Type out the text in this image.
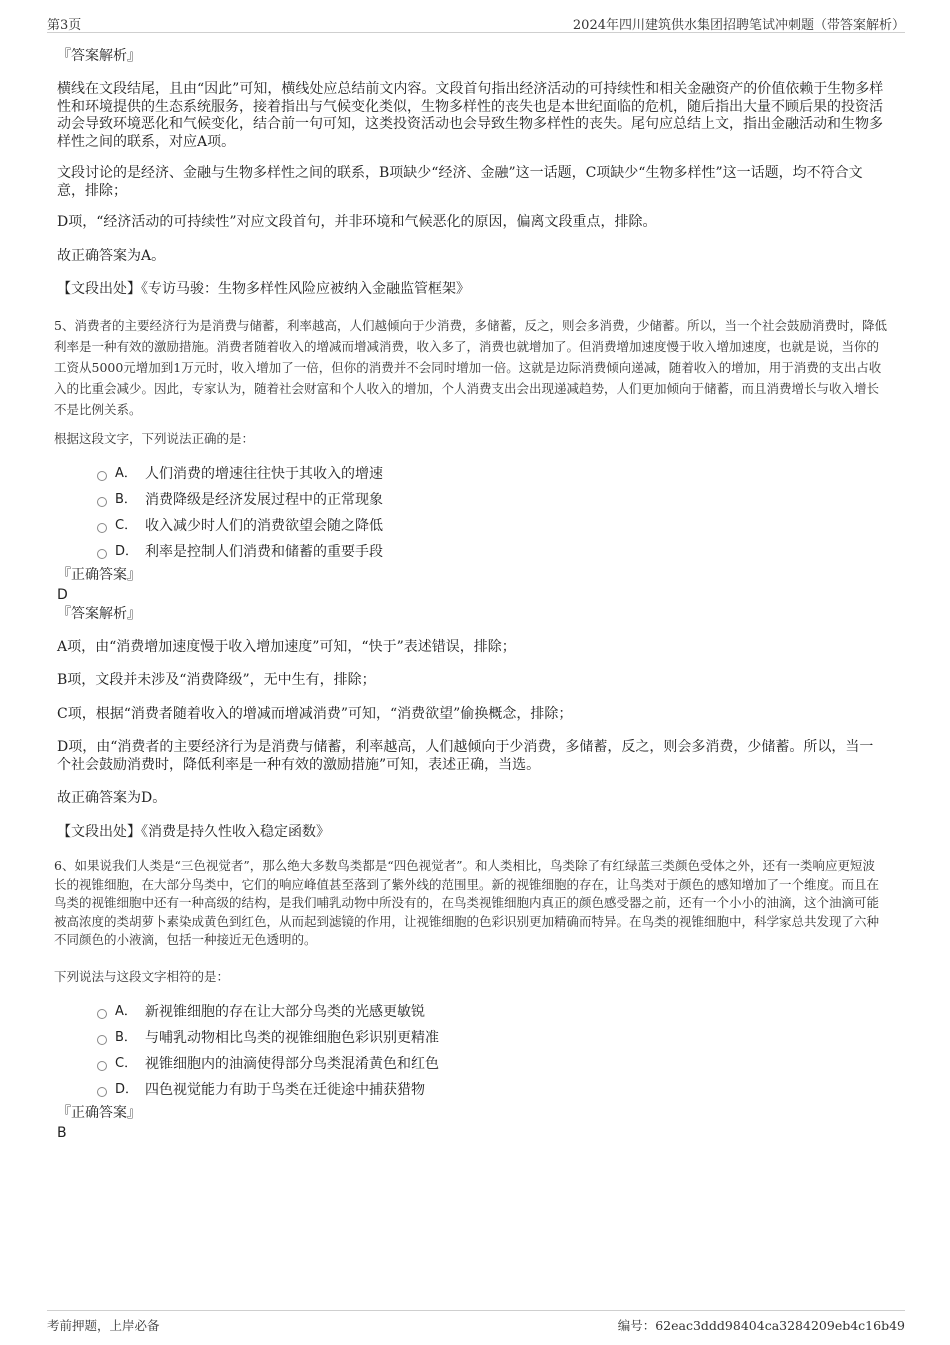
第3页	2024年四川建筑供水集团招聘笔试冲刺题（带答案解析）
『答案解析』

横线在文段结尾，且由“因此”可知，横线处应总结前文内容。文段首句指出经济活动的可持续性和相关金融资产的价值依赖于生物多样性和环境提供的生态系统服务，接着指出与气候变化类似，生物多样性的丧失也是本世纪面临的危机，随后指出大量不顾后果的投资活动会导致环境恶化和气候变化，结合前一句可知，这类投资活动也会导致生物多样性的丧失。尾句应总结上文，指出金融活动和生物多样性之间的联系，对应A项。

文段讨论的是经济、金融与生物多样性之间的联系，B项缺少“经济、金融”这一话题，C项缺少“生物多样性”这一话题，均不符合文意，排除；

D项，“经济活动的可持续性”对应文段首句，并非环境和气候恶化的原因，偏离文段重点，排除。

故正确答案为A。

【文段出处】《专访马骏：生物多样性风险应被纳入金融监管框架》

5、消费者的主要经济行为是消费与储蓄，利率越高，人们越倾向于少消费，多储蓄，反之，则会多消费，少储蓄。所以，当一个社会鼓励消费时，降低利率是一种有效的激励措施。消费者随着收入的增减而增减消费，收入多了，消费也就增加了。但消费增加速度慢于收入增加速度，也就是说，当你的工资从5000元增加到1万元时，收入增加了一倍，但你的消费并不会同时增加一倍。这就是边际消费倾向递减，随着收入的增加，用于消费的支出占收入的比重会减少。因此，专家认为，随着社会财富和个人收入的增加，个人消费支出会出现递减趋势，人们更加倾向于储蓄，而且消费增长与收入增长不是比例关系。

根据这段文字，下列说法正确的是：

A． 人们消费的增速往往快于其收入的增速
B． 消费降级是经济发展过程中的正常现象
C． 收入减少时人们的消费欲望会随之降低
D． 利率是控制人们消费和储蓄的重要手段
『正确答案』
D
『答案解析』

A项，由“消费增加速度慢于收入增加速度”可知，“快于”表述错误，排除；

B项，文段并未涉及“消费降级”，无中生有，排除；

C项，根据“消费者随着收入的增减而增减消费”可知，“消费欲望”偷换概念，排除；

D项，由“消费者的主要经济行为是消费与储蓄，利率越高，人们越倾向于少消费，多储蓄，反之，则会多消费，少储蓄。所以，当一个社会鼓励消费时，降低利率是一种有效的激励措施”可知，表述正确，当选。

故正确答案为D。

【文段出处】《消费是持久性收入稳定函数》

6、如果说我们人类是“三色视觉者”，那么绝大多数鸟类都是“四色视觉者”。和人类相比，鸟类除了有红绿蓝三类颜色受体之外，还有一类响应更短波长的视锥细胞，在大部分鸟类中，它们的响应峰值甚至落到了紫外线的范围里。新的视锥细胞的存在，让鸟类对于颜色的感知增加了一个维度。而且在鸟类的视锥细胞中还有一种高级的结构，是我们哺乳动物中所没有的，在鸟类视锥细胞内真正的颜色感受器之前，还有一个小小的油滴，这个油滴可能被高浓度的类胡萝卜素染成黄色到红色，从而起到滤镜的作用，让视锥细胞的色彩识别更加精确而特异。在鸟类的视锥细胞中，科学家总共发现了六种不同颜色的小液滴，包括一种接近无色透明的。

下列说法与这段文字相符的是：

A． 新视锥细胞的存在让大部分鸟类的光感更敏锐
B． 与哺乳动物相比鸟类的视锥细胞色彩识别更精准
C． 视锥细胞内的油滴使得部分鸟类混淆黄色和红色
D． 四色视觉能力有助于鸟类在迁徙途中捕获猎物
『正确答案』
B
考前押题，上岸必备	编号：62eac3ddd98404ca3284209eb4c16b49
